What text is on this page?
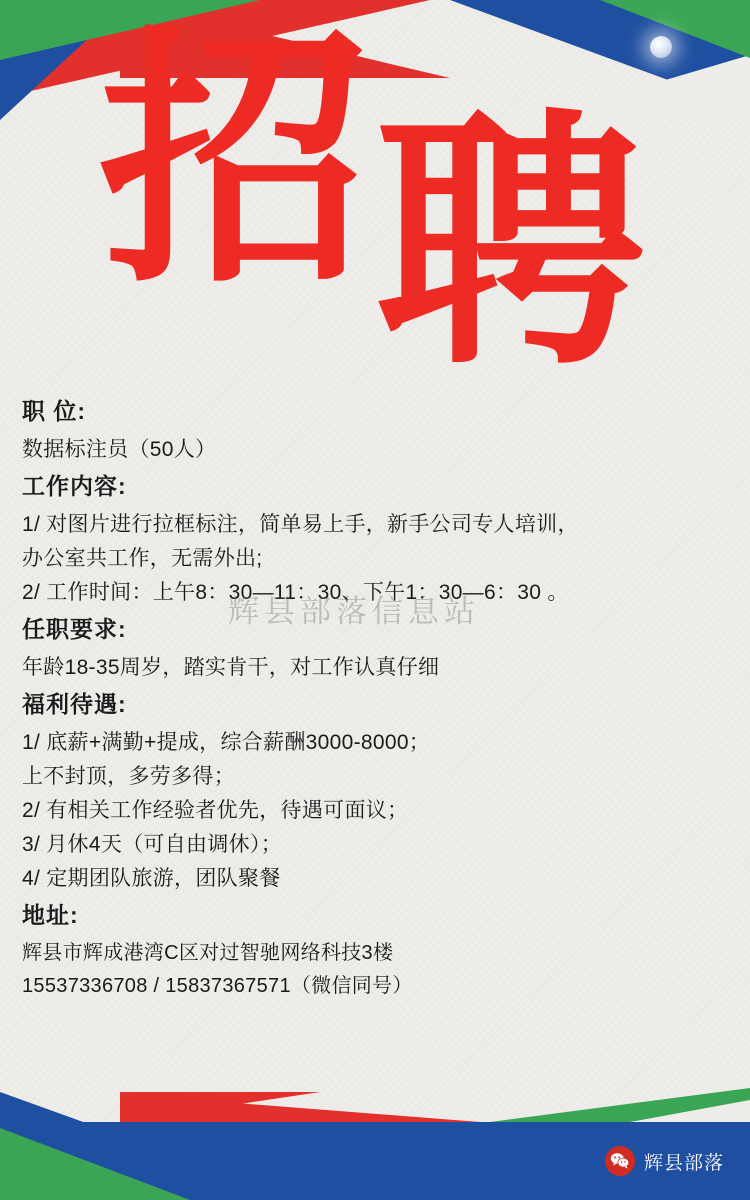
招聘
职 位:
数据标注员（50人）
工作内容:
1/ 对图片进行拉框标注，简单易上手，新手公司专人培训，
办公室共工作，无需外出;
2/ 工作时间：上午8：30—11：30、下午1：30—6：30 。
任职要求:
年龄18-35周岁，踏实肯干，对工作认真仔细
福利待遇:
1/ 底薪+满勤+提成，综合薪酬3000-8000；
上不封顶，多劳多得；
2/ 有相关工作经验者优先，待遇可面议；
3/ 月休4天（可自由调休）；
4/ 定期团队旅游，团队聚餐
地址:
辉县市辉成港湾C区对过智驰网络科技3楼
15537336708 / 15837367571（微信同号）
辉县部落信息站
辉县部落
